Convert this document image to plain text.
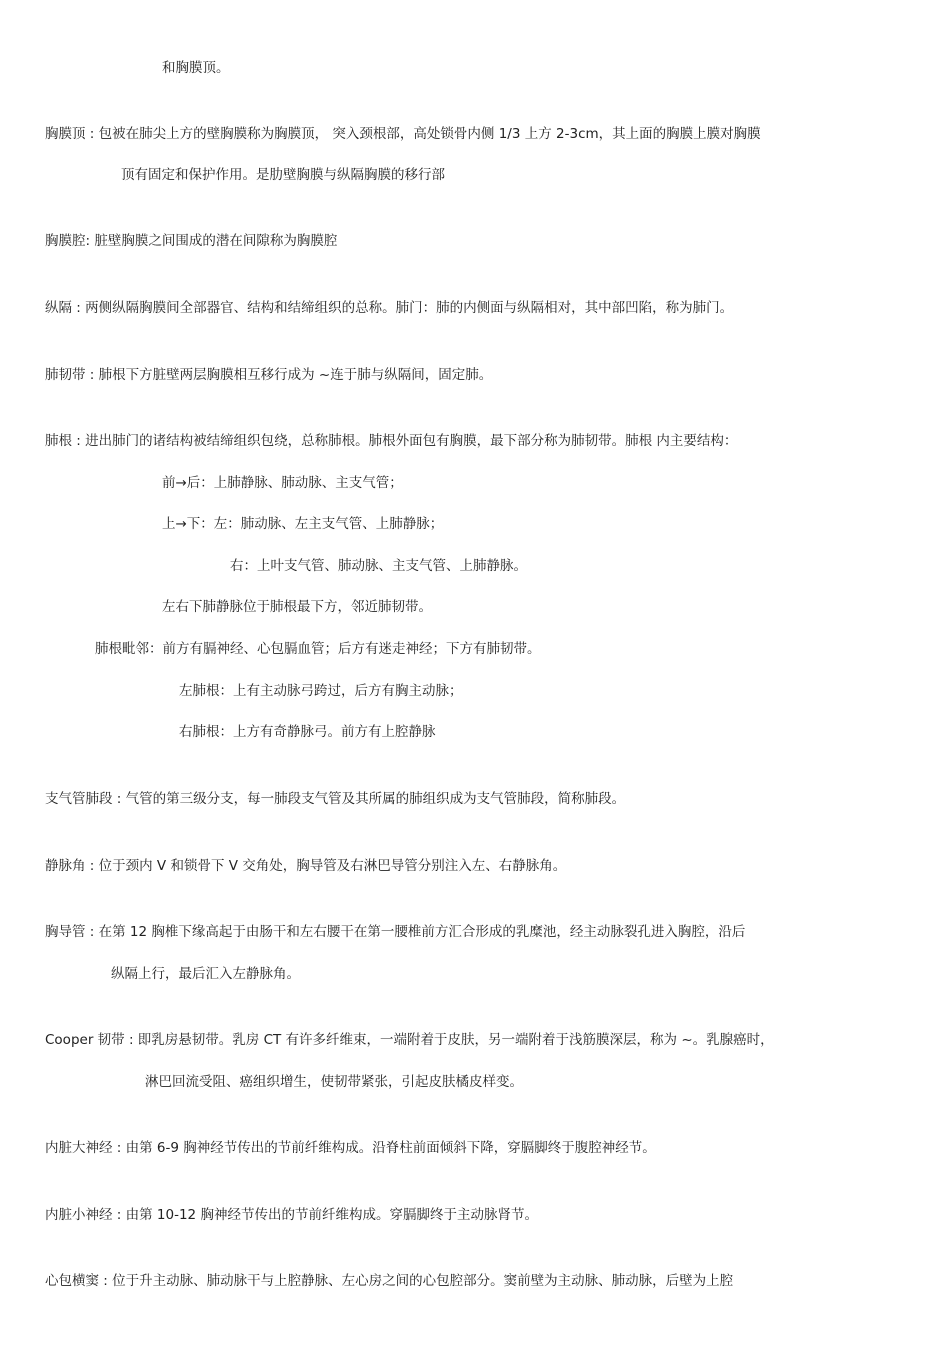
和胸膜顶。

胸膜顶 : 包被在肺尖上方的壁胸膜称为胸膜顶， 突入颈根部，高处锁骨内侧 1/3 上方 2-3cm，其上面的胸膜上膜对胸膜

顶有固定和保护作用。是肋壁胸膜与纵隔胸膜的移行部

胸膜腔: 脏壁胸膜之间围成的潜在间隙称为胸膜腔

纵隔 : 两侧纵隔胸膜间全部器官、结构和结缔组织的总称。肺门：肺的内侧面与纵隔相对，其中部凹陷，称为肺门。

肺韧带 : 肺根下方脏壁两层胸膜相互移行成为 ~连于肺与纵隔间，固定肺。

肺根 : 进出肺门的诸结构被结缔组织包绕，总称肺根。肺根外面包有胸膜，最下部分称为肺韧带。肺根 内主要结构：

前→后：上肺静脉、肺动脉、主支气管；

上→下：左：肺动脉、左主支气管、上肺静脉；

右：上叶支气管、肺动脉、主支气管、上肺静脉。

左右下肺静脉位于肺根最下方，邻近肺韧带。

肺根毗邻：前方有膈神经、心包膈血管；后方有迷走神经；下方有肺韧带。

左肺根：上有主动脉弓跨过，后方有胸主动脉；

右肺根：上方有奇静脉弓。前方有上腔静脉

支气管肺段 : 气管的第三级分支，每一肺段支气管及其所属的肺组织成为支气管肺段，简称肺段。

静脉角 : 位于颈内 V 和锁骨下 V 交角处，胸导管及右淋巴导管分别注入左、右静脉角。

胸导管 : 在第 12 胸椎下缘高起于由肠干和左右腰干在第一腰椎前方汇合形成的乳糜池，经主动脉裂孔进入胸腔，沿后

纵隔上行，最后汇入左静脉角。

Cooper 韧带 : 即乳房悬韧带。乳房 CT 有许多纤维束，一端附着于皮肤，另一端附着于浅筋膜深层，称为 ~。乳腺癌时，

淋巴回流受阻、癌组织增生，使韧带紧张，引起皮肤橘皮样变。

内脏大神经 : 由第 6-9 胸神经节传出的节前纤维构成。沿脊柱前面倾斜下降，穿膈脚终于腹腔神经节。

内脏小神经 : 由第 10-12 胸神经节传出的节前纤维构成。穿膈脚终于主动脉肾节。

心包横窦 : 位于升主动脉、肺动脉干与上腔静脉、左心房之间的心包腔部分。窦前壁为主动脉、肺动脉，后壁为上腔
